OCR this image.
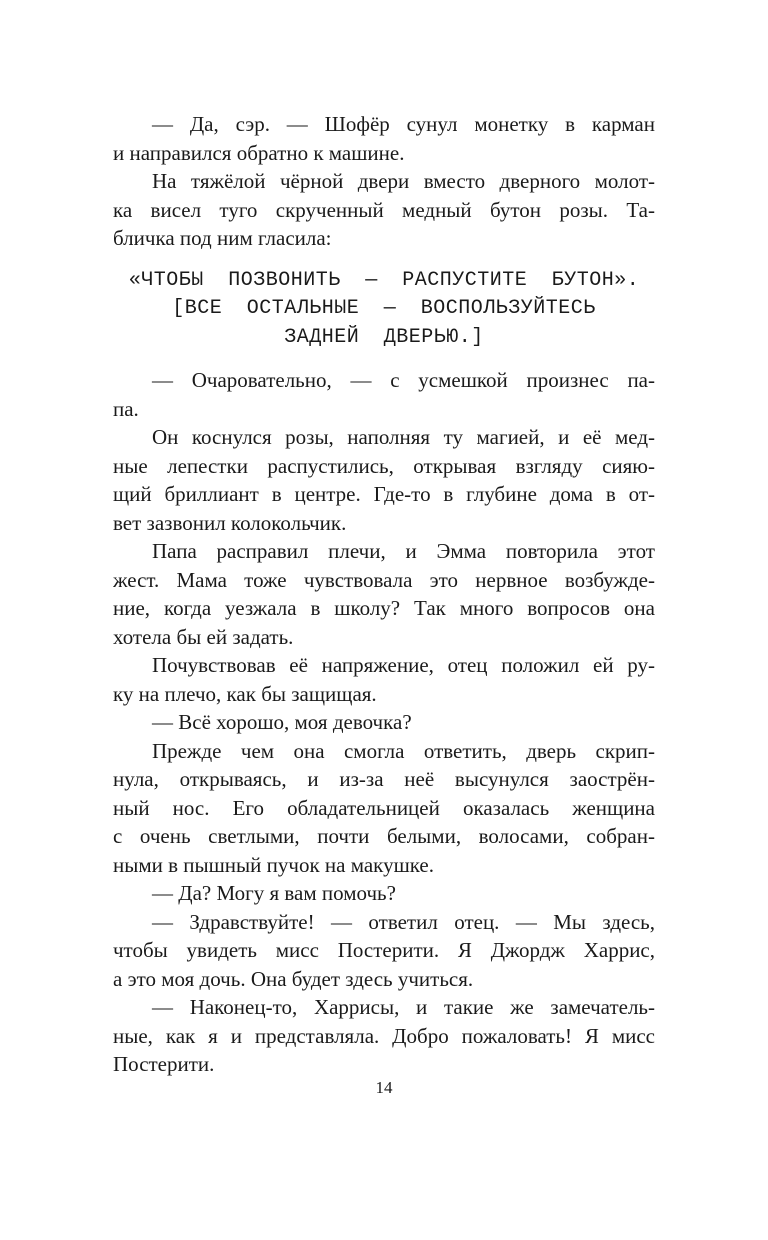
— Да, сэр. — Шофёр сунул монетку в карман
и направился обратно к машине.
На тяжёлой чёрной двери вместо дверного молот-
ка висел туго скрученный медный бутон розы. Та-
бличка под ним гласила:
«ЧТОБЫ ПОЗВОНИТЬ — РАСПУСТИТЕ БУТОН».
[ВСЕ ОСТАЛЬНЫЕ — ВОСПОЛЬЗУЙТЕСЬ
ЗАДНЕЙ ДВЕРЬЮ.]
— Очаровательно, — с усмешкой произнес па-
па.
Он коснулся розы, наполняя ту магией, и её мед-
ные лепестки распустились, открывая взгляду сияю-
щий бриллиант в центре. Где-то в глубине дома в от-
вет зазвонил колокольчик.
Папа расправил плечи, и Эмма повторила этот
жест. Мама тоже чувствовала это нервное возбужде-
ние, когда уезжала в школу? Так много вопросов она
хотела бы ей задать.
Почувствовав её напряжение, отец положил ей ру-
ку на плечо, как бы защищая.
— Всё хорошо, моя девочка?
Прежде чем она смогла ответить, дверь скрип-
нула, открываясь, и из-за неё высунулся заострён-
ный нос. Его обладательницей оказалась женщина
с очень светлыми, почти белыми, волосами, собран-
ными в пышный пучок на макушке.
— Да? Могу я вам помочь?
— Здравствуйте! — ответил отец. — Мы здесь,
чтобы увидеть мисс Постерити. Я Джордж Харрис,
а это моя дочь. Она будет здесь учиться.
— Наконец-то, Харрисы, и такие же замечатель-
ные, как я и представляла. Добро пожаловать! Я мисс
Постерити.
14
